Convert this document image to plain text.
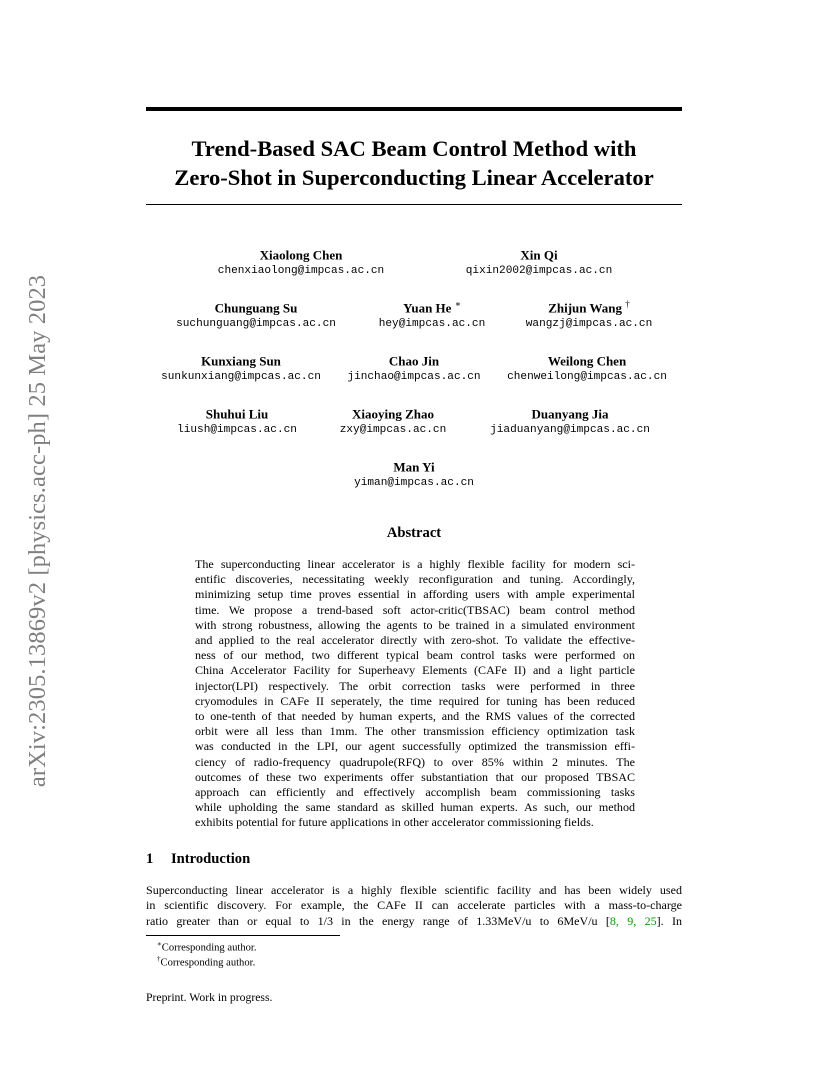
arXiv:2305.13869v2 [physics.acc-ph] 25 May 2023
Trend-Based SAC Beam Control Method with
Zero-Shot in Superconducting Linear Accelerator
Xiaolong Chen
chenxiaolong@impcas.ac.cn
Xin Qi
qixin2002@impcas.ac.cn
Chunguang Su
suchunguang@impcas.ac.cn
Yuan He ∗
hey@impcas.ac.cn
Zhijun Wang †
wangzj@impcas.ac.cn
Kunxiang Sun
sunkunxiang@impcas.ac.cn
Chao Jin
jinchao@impcas.ac.cn
Weilong Chen
chenweilong@impcas.ac.cn
Shuhui Liu
liush@impcas.ac.cn
Xiaoying Zhao
zxy@impcas.ac.cn
Duanyang Jia
jiaduanyang@impcas.ac.cn
Man Yi
yiman@impcas.ac.cn
Abstract
The superconducting linear accelerator is a highly flexible facility for modern sci-
entific discoveries, necessitating weekly reconfiguration and tuning. Accordingly,
minimizing setup time proves essential in affording users with ample experimental
time. We propose a trend-based soft actor-critic(TBSAC) beam control method
with strong robustness, allowing the agents to be trained in a simulated environment
and applied to the real accelerator directly with zero-shot. To validate the effective-
ness of our method, two different typical beam control tasks were performed on
China Accelerator Facility for Superheavy Elements (CAFe II) and a light particle
injector(LPI) respectively. The orbit correction tasks were performed in three
cryomodules in CAFe II seperately, the time required for tuning has been reduced
to one-tenth of that needed by human experts, and the RMS values of the corrected
orbit were all less than 1mm. The other transmission efficiency optimization task
was conducted in the LPI, our agent successfully optimized the transmission effi-
ciency of radio-frequency quadrupole(RFQ) to over 85% within 2 minutes. The
outcomes of these two experiments offer substantiation that our proposed TBSAC
approach can efficiently and effectively accomplish beam commissioning tasks
while upholding the same standard as skilled human experts. As such, our method
exhibits potential for future applications in other accelerator commissioning fields.
1 Introduction
Superconducting linear accelerator is a highly flexible scientific facility and has been widely used
in scientific discovery. For example, the CAFe II can accelerate particles with a mass-to-charge
ratio greater than or equal to 1/3 in the energy range of 1.33MeV/u to 6MeV/u [8, 9, 25]. In
∗Corresponding author.
†Corresponding author.
Preprint. Work in progress.
